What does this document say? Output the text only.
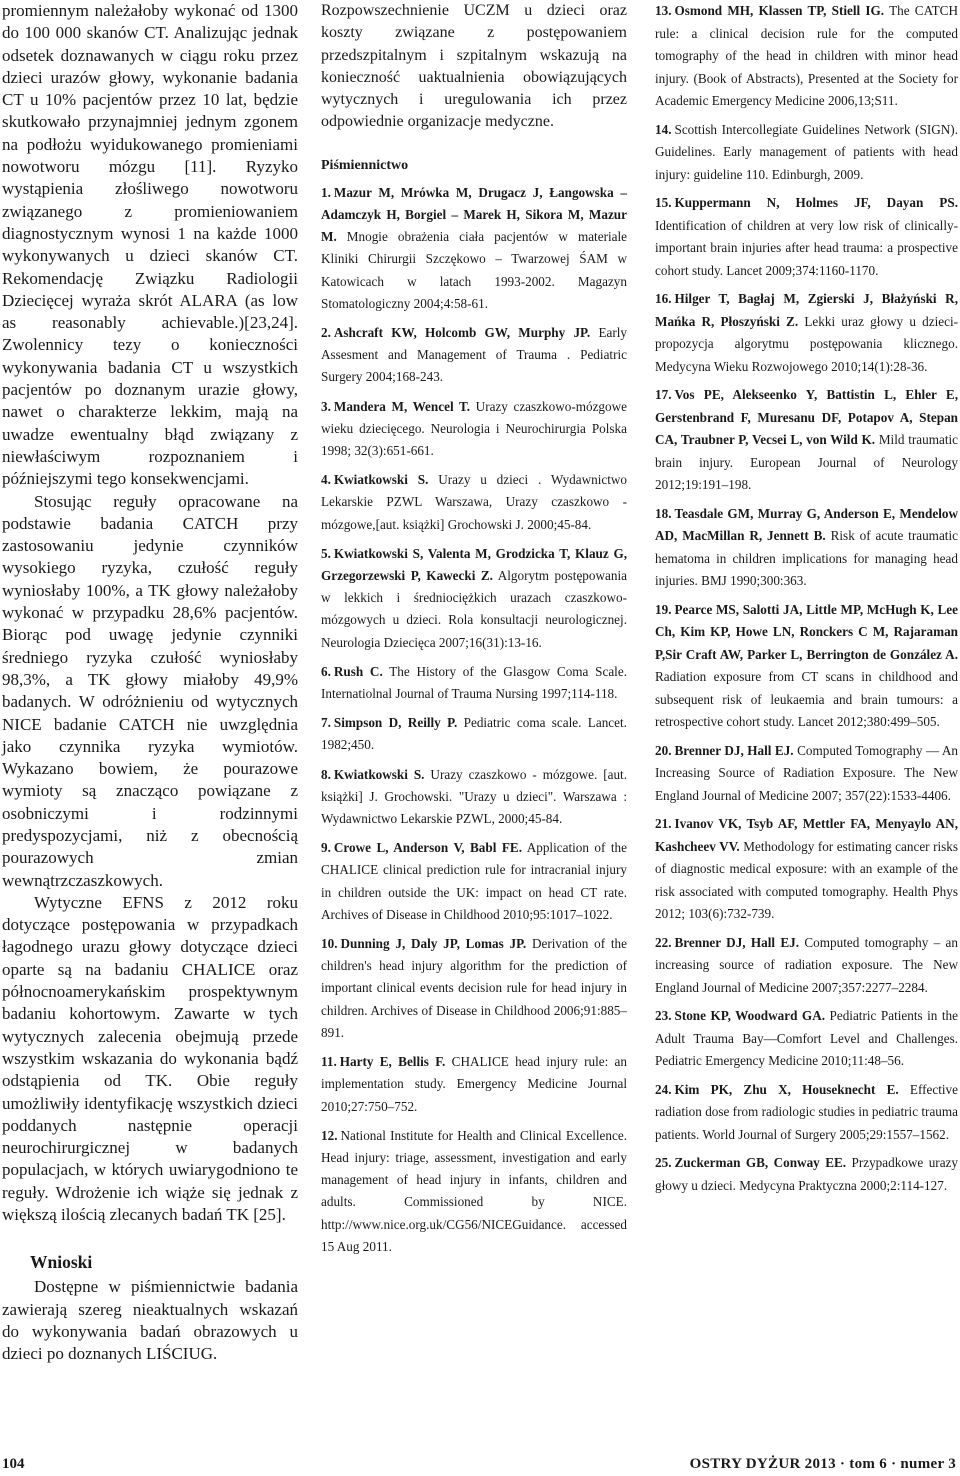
promiennym należałoby wykonać od 1300 do 100 000 skanów CT. Analizując jednak odsetek doznawanych w ciągu roku przez dzieci urazów głowy, wykonanie badania CT u 10% pacjentów przez 10 lat, będzie skutkowało przynajmniej jednym zgonem na podłożu wyidukowanego promieniami nowotworu mózgu [11]. Ryzyko wystąpienia złośliwego nowotworu związanego z promieniowaniem diagnostycznym wynosi 1 na każde 1000 wykonywanych u dzieci skanów CT. Rekomendację Związku Radiologii Dziecięcej wyraża skrót ALARA (as low as reasonably achievable.)[23,24]. Zwolennicy tezy o konieczności wykonywania badania CT u wszystkich pacjentów po doznanym urazie głowy, nawet o charakterze lekkim, mają na uwadze ewentualny błąd związany z niewłaściwym rozpoznaniem i późniejszymi tego konsekwencjami.

Stosując reguły opracowane na podstawie badania CATCH przy zastosowaniu jedynie czynników wysokiego ryzyka, czułość reguły wyniosłaby 100%, a TK głowy należałoby wykonać w przypadku 28,6% pacjentów. Biorąc pod uwagę jedynie czynniki średniego ryzyka czułość wyniosłaby 98,3%, a TK głowy miałoby 49,9% badanych. W odróżnieniu od wytycznych NICE badanie CATCH nie uwzględnia jako czynnika ryzyka wymiotów. Wykazano bowiem, że pourazowe wymioty są znacząco powiązane z osobniczymi i rodzinnymi predyspozycjami, niż z obecnością pourazowych zmian wewnątrzczaszkowych.

Wytyczne EFNS z 2012 roku dotyczące postępowania w przypadkach łagodnego urazu głowy dotyczące dzieci oparte są na badaniu CHALICE oraz północnoamerykańskim prospektywnym badaniu kohortowym. Zawarte w tych wytycznych zalecenia obejmują przede wszystkim wskazania do wykonania bądź odstąpienia od TK. Obie reguły umożliwiły identyfikację wszystkich dzieci poddanych następnie operacji neurochirurgicznej w badanych populacjach, w których uwiarygodniono te reguły. Wdrożenie ich wiąże się jednak z większą ilością zlecanych badań TK [25].

Wnioski

Dostępne w piśmiennictwie badania zawierają szereg nieaktualnych wskazań do wykonywania badań obrazowych u dzieci po doznanych LIŚCIUG.

Rozpowszechnienie UCZM u dzieci oraz koszty związane z postępowaniem przedszpitalnym i szpitalnym wskazują na konieczność uaktualnienia obowiązujących wytycznych i uregulowania ich przez odpowiednie organizacje medyczne.

Piśmiennictwo
1. Mazur M, Mrówka M, Drugacz J, Łangowska – Adamczyk H, Borgiel – Marek H, Sikora M, Mazur M. Mnogie obrażenia ciała pacjentów w materiale Kliniki Chirurgii Szczękowo – Twarzowej ŚAM w Katowicach w latach 1993-2002. Magazyn Stomatologiczny 2004;4:58-61.
2. Ashcraft KW, Holcomb GW, Murphy JP. Early Assesment and Management of Trauma . Pediatric Surgery 2004;168-243.
3. Mandera M, Wencel T. Urazy czaszkowo-mózgowe wieku dziecięcego. Neurologia i Neurochirurgia Polska 1998; 32(3):651-661.
4. Kwiatkowski S. Urazy u dzieci . Wydawnictwo Lekarskie PZWL Warszawa, Urazy czaszkowo - mózgowe,[aut. książki] Grochowski J. 2000;45-84.
5. Kwiatkowski S, Valenta M, Grodzicka T, Klauz G, Grzegorzewski P, Kawecki Z. Algorytm postępowania w lekkich i średniociężkich urazach czaszkowo-mózgowych u dzieci. Rola konsultacji neurologicznej. Neurologia Dziecięca 2007;16(31):13-16.
6. Rush C. The History of the Glasgow Coma Scale. Internatiolnal Journal of Trauma Nursing 1997;114-118.
7. Simpson D, Reilly P. Pediatric coma scale. Lancet. 1982;450.
8. Kwiatkowski S. Urazy czaszkowo - mózgowe. [aut. książki] J. Grochowski. "Urazy u dzieci". Warszawa : Wydawnictwo Lekarskie PZWL, 2000;45-84.
9. Crowe L, Anderson V, Babl FE. Application of the CHALICE clinical prediction rule for intracranial injury in children outside the UK: impact on head CT rate. Archives of Disease in Childhood 2010;95:1017–1022.
10. Dunning J, Daly JP, Lomas JP. Derivation of the children's head injury algorithm for the prediction of important clinical events decision rule for head injury in children. Archives of Disease in Childhood 2006;91:885–891.
11. Harty E, Bellis F. CHALICE head injury rule: an implementation study. Emergency Medicine Journal 2010;27:750–752.
12. National Institute for Health and Clinical Excellence. Head injury: triage, assessment, investigation and early management of head injury in infants, children and adults. Commissioned by NICE. http://www.nice.org.uk/CG56/NICEGuidance. accessed 15 Aug 2011.
13. Osmond MH, Klassen TP, Stiell IG. The CATCH rule: a clinical decision rule for the computed tomography of the head in children with minor head injury. (Book of Abstracts), Presented at the Society for Academic Emergency Medicine 2006,13;S11.
14. Scottish Intercollegiate Guidelines Network (SIGN). Guidelines. Early management of patients with head injury: guideline 110. Edinburgh, 2009.
15. Kuppermann N, Holmes JF, Dayan PS. Identification of children at very low risk of clinically-important brain injuries after head trauma: a prospective cohort study. Lancet 2009;374:1160-1170.
16. Hilger T, Bagłaj M, Zgierski J, Błażyński R, Mańka R, Płoszyński Z. Lekki uraz głowy u dzieci- propozycja algorytmu postępowania klicznego. Medycyna Wieku Rozwojowego 2010;14(1):28-36.
17. Vos PE, Alekseenko Y, Battistin L, Ehler E, Gerstenbrand F, Muresanu DF, Potapov A, Stepan CA, Traubner P, Vecsei L, von Wild K. Mild traumatic brain injury. European Journal of Neurology 2012;19:191–198.
18. Teasdale GM, Murray G, Anderson E, Mendelow AD, MacMillan R, Jennett B. Risk of acute traumatic hematoma in children implications for managing head injuries. BMJ 1990;300:363.
19. Pearce MS, Salotti JA, Little MP, McHugh K, Lee Ch, Kim KP, Howe LN, Ronckers C M, Rajaraman P,Sir Craft AW, Parker L, Berrington de González A. Radiation exposure from CT scans in childhood and subsequent risk of leukaemia and brain tumours: a retrospective cohort study. Lancet 2012;380:499–505.
20. Brenner DJ, Hall EJ. Computed Tomography — An Increasing Source of Radiation Exposure. The New England Journal of Medicine 2007; 357(22):1533-4406.
21. Ivanov VK, Tsyb AF, Mettler FA, Menyaylo AN, Kashcheev VV. Methodology for estimating cancer risks of diagnostic medical exposure: with an example of the risk associated with computed tomography. Health Phys 2012; 103(6):732-739.
22. Brenner DJ, Hall EJ. Computed tomography – an increasing source of radiation exposure. The New England Journal of Medicine 2007;357:2277–2284.
23. Stone KP, Woodward GA. Pediatric Patients in the Adult Trauma Bay—Comfort Level and Challenges. Pediatric Emergency Medicine 2010;11:48–56.
24. Kim PK, Zhu X, Houseknecht E. Effective radiation dose from radiologic studies in pediatric trauma patients. World Journal of Surgery 2005;29:1557–1562.
25. Zuckerman GB, Conway EE. Przypadkowe urazy głowy u dzieci. Medycyna Praktyczna 2000;2:114-127.
104	OSTRY DYŻUR 2013 · tom 6 · numer 3
